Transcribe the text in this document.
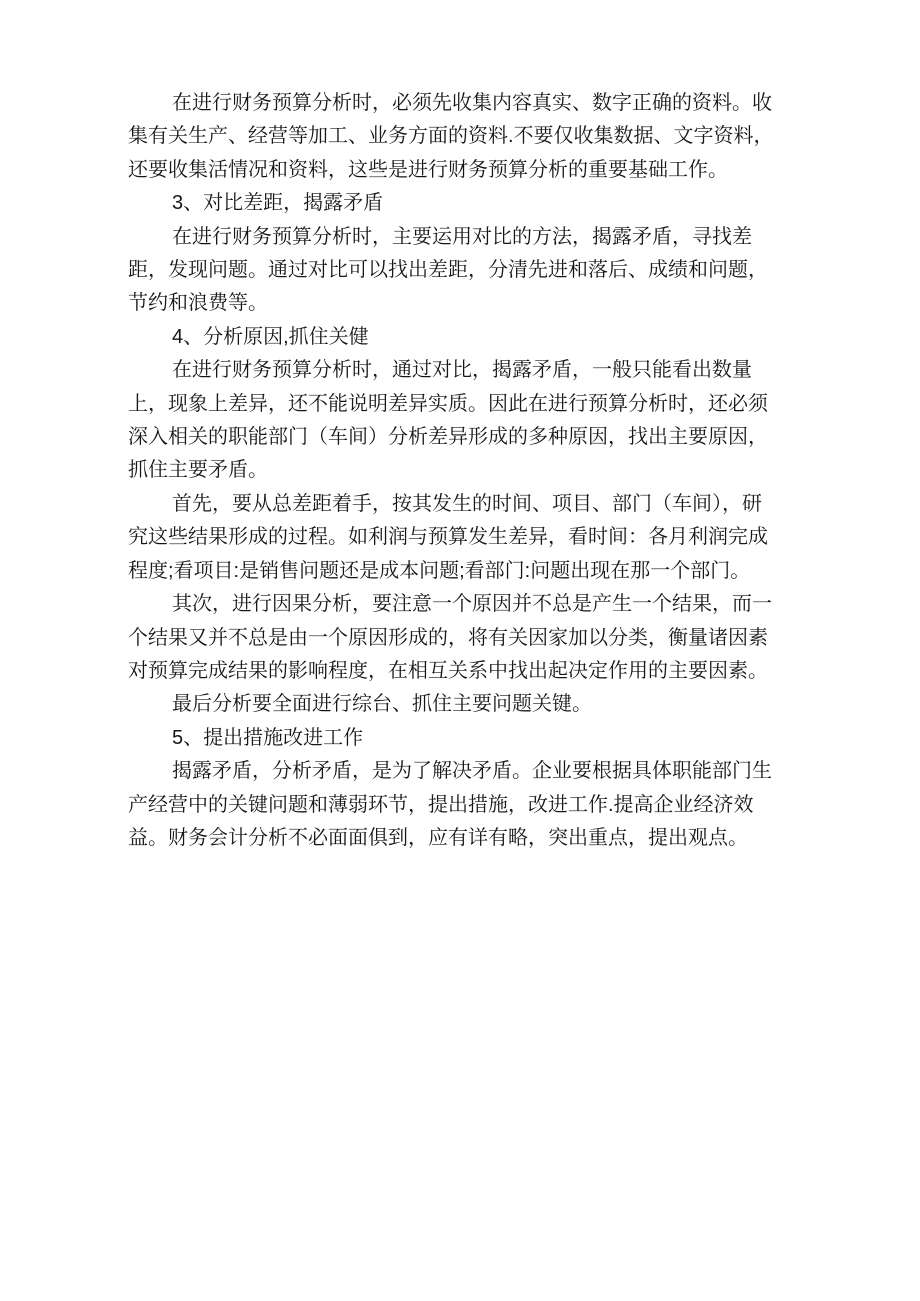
在进行财务预算分析时，必须先收集内容真实、数字正确的资料。收
集有关生产、经营等加工、业务方面的资料.不要仅收集数据、文字资料，
还要收集活情况和资料，这些是进行财务预算分析的重要基础工作。
3、对比差距，揭露矛盾
在进行财务预算分析时，主要运用对比的方法，揭露矛盾，寻找差
距，发现问题。通过对比可以找出差距，分清先进和落后、成绩和问题，
节约和浪费等。
4、分析原因,抓住关健
在进行财务预算分析时，通过对比，揭露矛盾，一般只能看出数量
上，现象上差异，还不能说明差异实质。因此在进行预算分析时，还必须
深入相关的职能部门（车间）分析差异形成的多种原因，找出主要原因，
抓住主要矛盾。
首先，要从总差距着手，按其发生的时间、项目、部门（车间），研
究这些结果形成的过程。如利润与预算发生差异，看时间：各月利润完成
程度;看项目:是销售问题还是成本问题;看部门:问题出现在那一个部门。
其次，进行因果分析，要注意一个原因并不总是产生一个结果，而一
个结果又并不总是由一个原因形成的，将有关因家加以分类，衡量诸因素
对预算完成结果的影响程度，在相互关系中找出起决定作用的主要因素。
最后分析要全面进行综台、抓住主要问题关键。
5、提出措施改进工作
揭露矛盾，分析矛盾，是为了解决矛盾。企业要根据具体职能部门生
产经营中的关键问题和薄弱环节，提出措施，改进工作.提高企业经济效
益。财务会计分析不必面面俱到，应有详有略，突出重点，提出观点。
